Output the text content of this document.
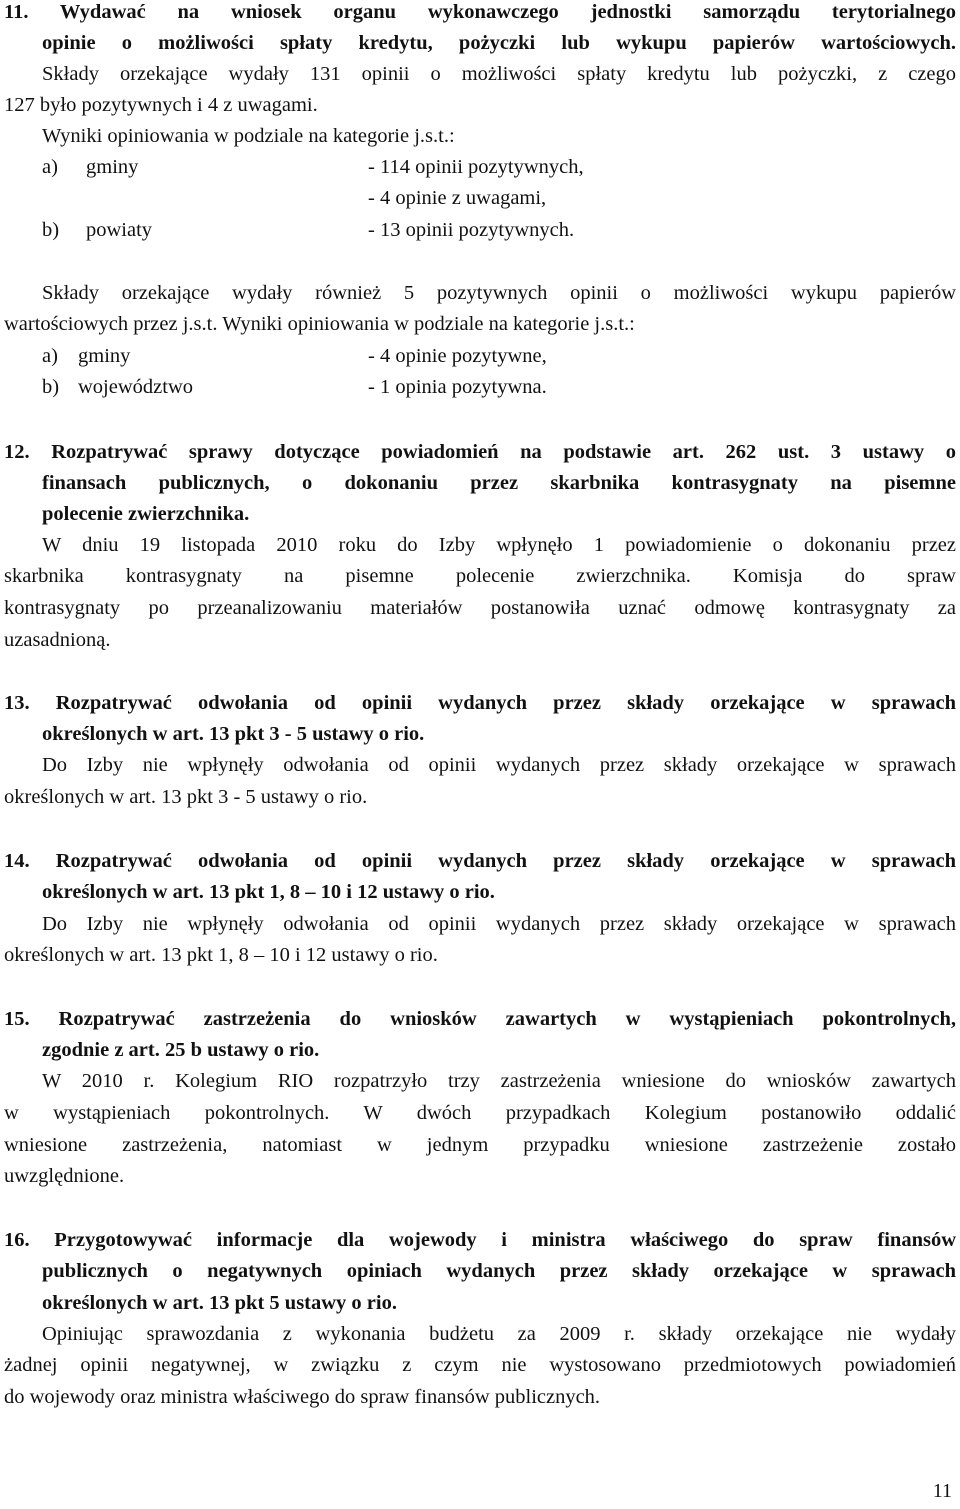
11. Wydawać na wniosek organu wykonawczego jednostki samorządu terytorialnego
opinie o możliwości spłaty kredytu, pożyczki lub wykupu papierów wartościowych.
Składy orzekające wydały 131 opinii o możliwości spłaty kredytu lub pożyczki, z czego
127 było pozytywnych i 4 z uwagami.
Wyniki opiniowania w podziale na kategorie j.s.t.:
a) gminy	- 114 opinii pozytywnych,
- 4 opinie z uwagami,
b) powiaty	- 13 opinii pozytywnych.
Składy orzekające wydały również 5 pozytywnych opinii o możliwości wykupu papierów
wartościowych przez j.s.t. Wyniki opiniowania w podziale na kategorie j.s.t.:
a) gminy	- 4 opinie pozytywne,
b) województwo	- 1 opinia pozytywna.
12. Rozpatrywać sprawy dotyczące powiadomień na podstawie art. 262 ust. 3 ustawy o
finansach publicznych, o dokonaniu przez skarbnika kontrasygnaty na pisemne
polecenie zwierzchnika.
W dniu 19 listopada 2010 roku do Izby wpłynęło 1 powiadomienie o dokonaniu przez
skarbnika kontrasygnaty na pisemne polecenie zwierzchnika. Komisja do spraw
kontrasygnaty po przeanalizowaniu materiałów postanowiła uznać odmowę kontrasygnaty za
uzasadnioną.
13. Rozpatrywać odwołania od opinii wydanych przez składy orzekające w sprawach
określonych w art. 13 pkt 3 - 5 ustawy o rio.
Do Izby nie wpłynęły odwołania od opinii wydanych przez składy orzekające w sprawach
określonych w art. 13 pkt 3 - 5 ustawy o rio.
14. Rozpatrywać odwołania od opinii wydanych przez składy orzekające w sprawach
określonych w art. 13 pkt 1, 8 – 10 i 12 ustawy o rio.
Do Izby nie wpłynęły odwołania od opinii wydanych przez składy orzekające w sprawach
określonych w art. 13 pkt 1, 8 – 10 i 12 ustawy o rio.
15. Rozpatrywać zastrzeżenia do wniosków zawartych w wystąpieniach pokontrolnych,
zgodnie z art. 25 b ustawy o rio.
W 2010 r. Kolegium RIO rozpatrzyło trzy zastrzeżenia wniesione do wniosków zawartych
w wystąpieniach pokontrolnych. W dwóch przypadkach Kolegium postanowiło oddalić
wniesione zastrzeżenia, natomiast w jednym przypadku wniesione zastrzeżenie zostało
uwzględnione.
16. Przygotowywać informacje dla wojewody i ministra właściwego do spraw finansów
publicznych o negatywnych opiniach wydanych przez składy orzekające w sprawach
określonych w art. 13 pkt 5 ustawy o rio.
Opiniując sprawozdania z wykonania budżetu za 2009 r. składy orzekające nie wydały
żadnej opinii negatywnej, w związku z czym nie wystosowano przedmiotowych powiadomień
do wojewody oraz ministra właściwego do spraw finansów publicznych.
11
